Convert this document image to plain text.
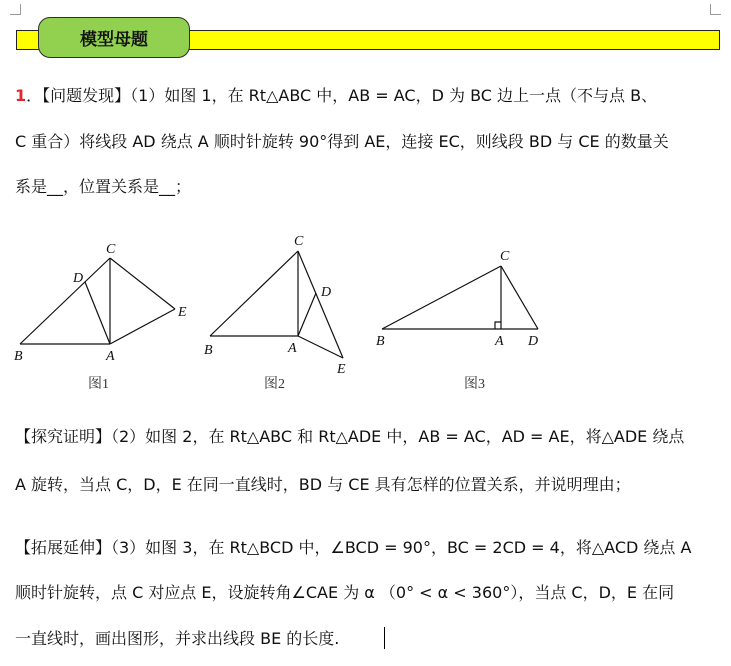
模型母题
1．【问题发现】（1）如图 1，在 Rt△ABC 中，AB = AC，D 为 BC 边上一点（不与点 B、
C 重合）将线段 AD 绕点 A 顺时针旋转 90°得到 AE，连接 EC，则线段 BD 与 CE 的数量关
系是__，位置关系是__；
B	A
C
D
E
图1
B	A
C
D
E
图2
B	A
C
D
图3
【探究证明】（2）如图 2，在 Rt△ABC 和 Rt△ADE 中，AB = AC，AD = AE，将△ADE 绕点
A 旋转，当点 C，D，E 在同一直线时，BD 与 CE 具有怎样的位置关系，并说明理由；
【拓展延伸】（3）如图 3，在 Rt△BCD 中，∠BCD = 90°，BC = 2CD = 4，将△ACD 绕点 A
顺时针旋转，点 C 对应点 E，设旋转角∠CAE 为 α （0° < α < 360°），当点 C，D，E 在同
一直线时，画出图形，并求出线段 BE 的长度.
